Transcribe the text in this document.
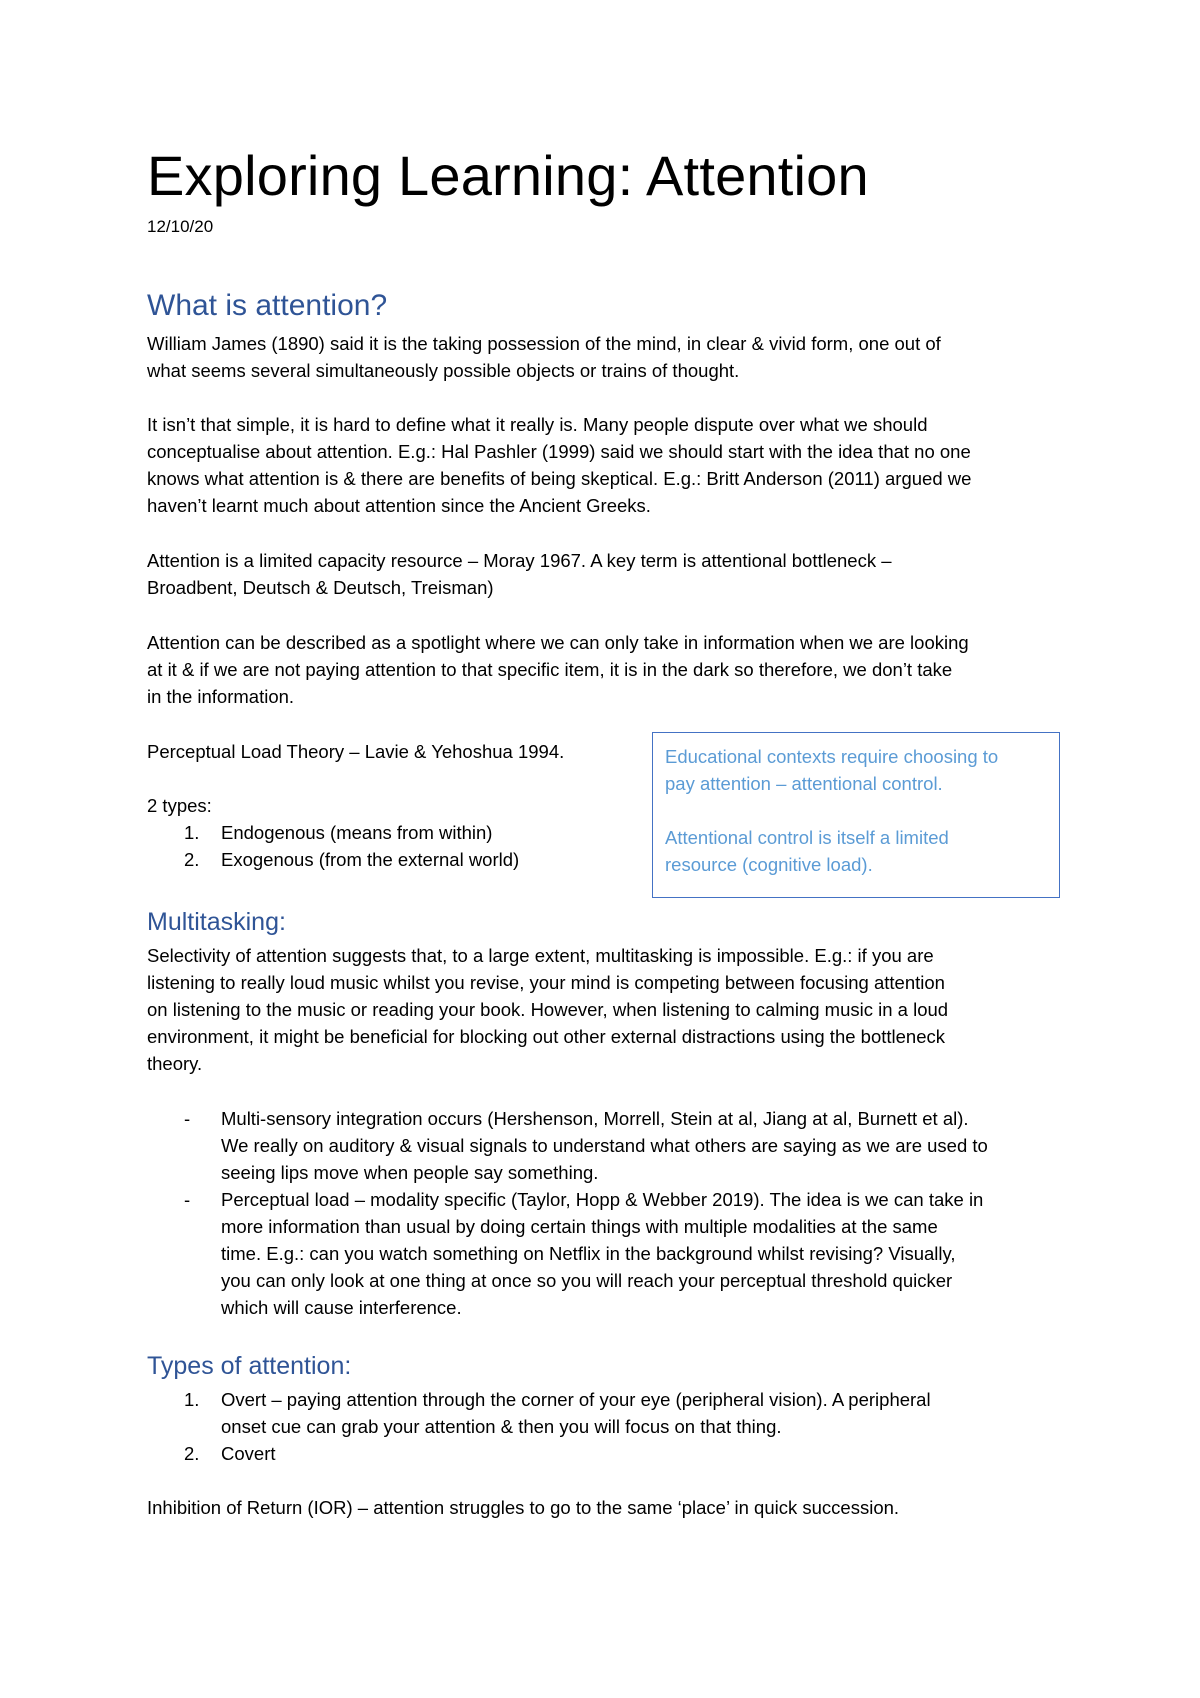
Exploring Learning: Attention
12/10/20
What is attention?
William James (1890) said it is the taking possession of the mind, in clear & vivid form, one out of
what seems several simultaneously possible objects or trains of thought.
It isn’t that simple, it is hard to define what it really is. Many people dispute over what we should
conceptualise about attention. E.g.: Hal Pashler (1999) said we should start with the idea that no one
knows what attention is & there are benefits of being skeptical. E.g.: Britt Anderson (2011) argued we
haven’t learnt much about attention since the Ancient Greeks.
Attention is a limited capacity resource – Moray 1967. A key term is attentional bottleneck –
Broadbent, Deutsch & Deutsch, Treisman)
Attention can be described as a spotlight where we can only take in information when we are looking
at it & if we are not paying attention to that specific item, it is in the dark so therefore, we don’t take
in the information.
Perceptual Load Theory – Lavie & Yehoshua 1994.
2 types:
1. Endogenous (means from within)
2. Exogenous (from the external world)

Educational contexts require choosing to

pay attention – attentional control.

Attentional control is itself a limited

resource (cognitive load).

Multitasking:
Selectivity of attention suggests that, to a large extent, multitasking is impossible. E.g.: if you are
listening to really loud music whilst you revise, your mind is competing between focusing attention
on listening to the music or reading your book. However, when listening to calming music in a loud
environment, it might be beneficial for blocking out other external distractions using the bottleneck
theory.
- Multi-sensory integration occurs (Hershenson, Morrell, Stein at al, Jiang at al, Burnett et al).
We really on auditory & visual signals to understand what others are saying as we are used to
seeing lips move when people say something.
- Perceptual load – modality specific (Taylor, Hopp & Webber 2019). The idea is we can take in
more information than usual by doing certain things with multiple modalities at the same
time. E.g.: can you watch something on Netflix in the background whilst revising? Visually,
you can only look at one thing at once so you will reach your perceptual threshold quicker
which will cause interference.
Types of attention:
1. Overt – paying attention through the corner of your eye (peripheral vision). A peripheral
onset cue can grab your attention & then you will focus on that thing.
2. Covert
Inhibition of Return (IOR) – attention struggles to go to the same ‘place’ in quick succession.
